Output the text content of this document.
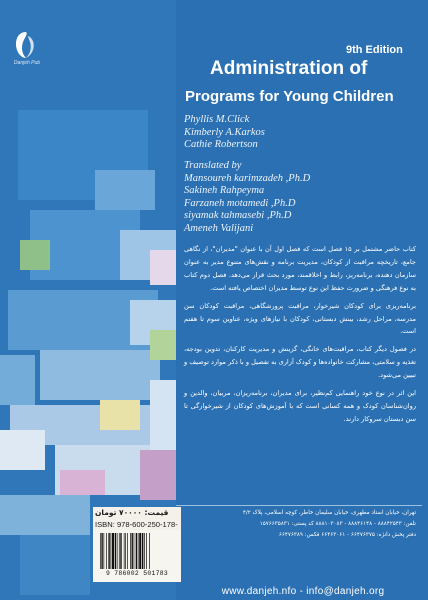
Danjeh Pub
9th Edition
Administration of
Programs for Young Children
Phyllis M.Click
Kimberly A.Karkos
Cathie Robertson
Translated by
Mansoureh karimzadeh ,Ph.D
Sakineh Rahpeyma
Farzaneh motamedi ,Ph.D
siyamak tahmasebi ,Ph.D
Ameneh Valijani

کتاب حاضر مشتمل بر ۱۵ فصل است که فصل اول آن با عنوان "مدیران"، از نگاهی جامع، تاریخچه مراقبت از کودکان، مدیریت برنامه و نقش‌های متنوع مدیر به عنوان سازمان دهنده، برنامه‌ریز، رابط و اخلاقمند، مورد بحث قرار می‌دهد. فصل دوم کتاب به نوع فرهنگی و ضرورت حفظ این نوع توسط مدیران اختصاص یافته است.

برنامه‌ریزی برای کودکان شیرخوار، مراقبت پرورشگاهی، مراقبت کودکان سن مدرسه، مراحل رشد، بینش دبستانی، کودکان با نیازهای ویژه، عناوین سوم تا هفتم است.

در فصول دیگر کتاب، مراقبت‌های خانگی، گزینش و مدیریت کارکنان، تدوین بودجه، تغذیه و سلامتی، مشارکت خانواده‌ها و کودک آزاری به تفصیل و با ذکر موارد توصیف و تبیین می‌شود.

این اثر در نوع خود راهنمایی کم‌نظیر، برای مدیران، برنامه‌ریزان، مربیان، والدین و روان‌شناسان کودک و همه کسانی است که با آموزش‌های کودکان از شیرخوارگی تا سن دبستان سروکار دارند.

تهران، خیابان استاد مطهری، خیابان سلیمان خاطر، کوچه اسلامی، پلاک ۴/۲
تلفن: ۸۸۸۴۲۵۴۳ - ۸۸۸۴۶۱۴۸ - ۸۸۸۱۰۳۰۸۳ کد پستی: ۱۵۷۶۶۳۵۸۳۱
دفتر پخش دانژه: ۶۶۴۷۶۳۷۵ - ۶۶۴۶۳۰۶۱ فکس: ۶۶۴۷۶۳۸۹
قیمت: ۷۰۰۰۰ تومان
ISBN: 978-600-250-178-
9 786002 501783
www.danjeh.nfo - info@danjeh.org
